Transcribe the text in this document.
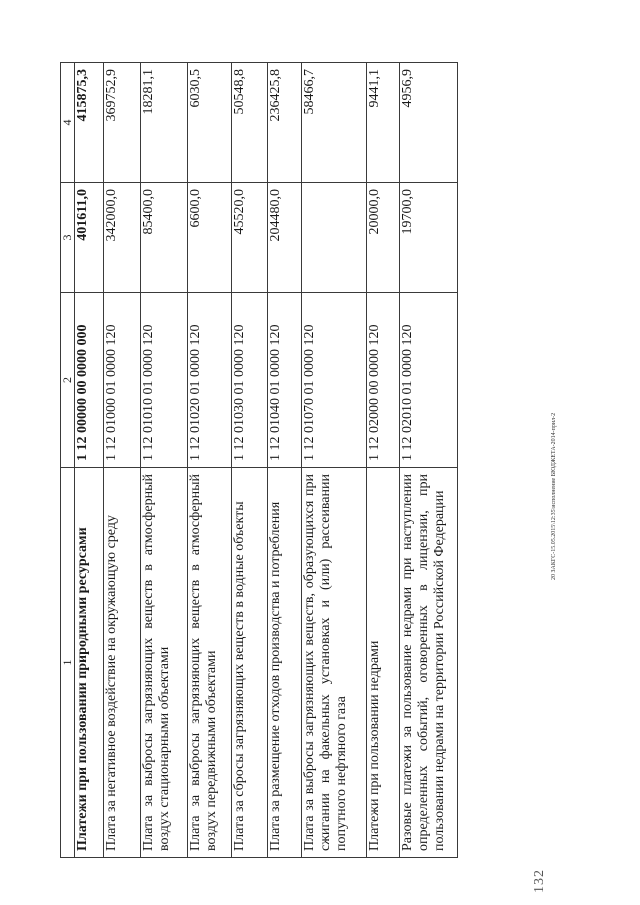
1	2	3	4
Платежи при пользовании природными ресурсами	1 12 00000 00 0000 000	401611,0	415875,3
Плата за негативное воздействие на окружающую среду	1 12 01000 01 0000 120	342000,0	369752,9
Плата за выбросы загрязняющих веществ в атмосферный воздух стационарными объектами	1 12 01010 01 0000 120	85400,0	18281,1
Плата за выбросы загрязняющих веществ в атмосферный воздух передвижными объектами	1 12 01020 01 0000 120	6600,0	6030,5
Плата за сбросы загрязняющих веществ в водные объекты	1 12 01030 01 0000 120	45520,0	50548,8
Плата за размещение отходов производства и потребления	1 12 01040 01 0000 120	204480,0	236425,8
Плата за выбросы загрязняющих веществ, образующихся при сжигании на факельных установках и (или) рассеивании попутного нефтяного газа	1 12 01070 01 0000 120		58466,7
Платежи при пользовании недрами	1 12 02000 00 0000 120	20000,0	9441,1
Разовые платежи за пользование недрами при наступлении определенных событий, оговоренных в лицензии, при пользовании недрами на территории Российской Федерации	1 12 02010 01 0000 120	19700,0	4956,9
20 ЗАКГС-15.05.2015\12:35\исполнение БЮДЖЕТА-2014-прил-2
132
